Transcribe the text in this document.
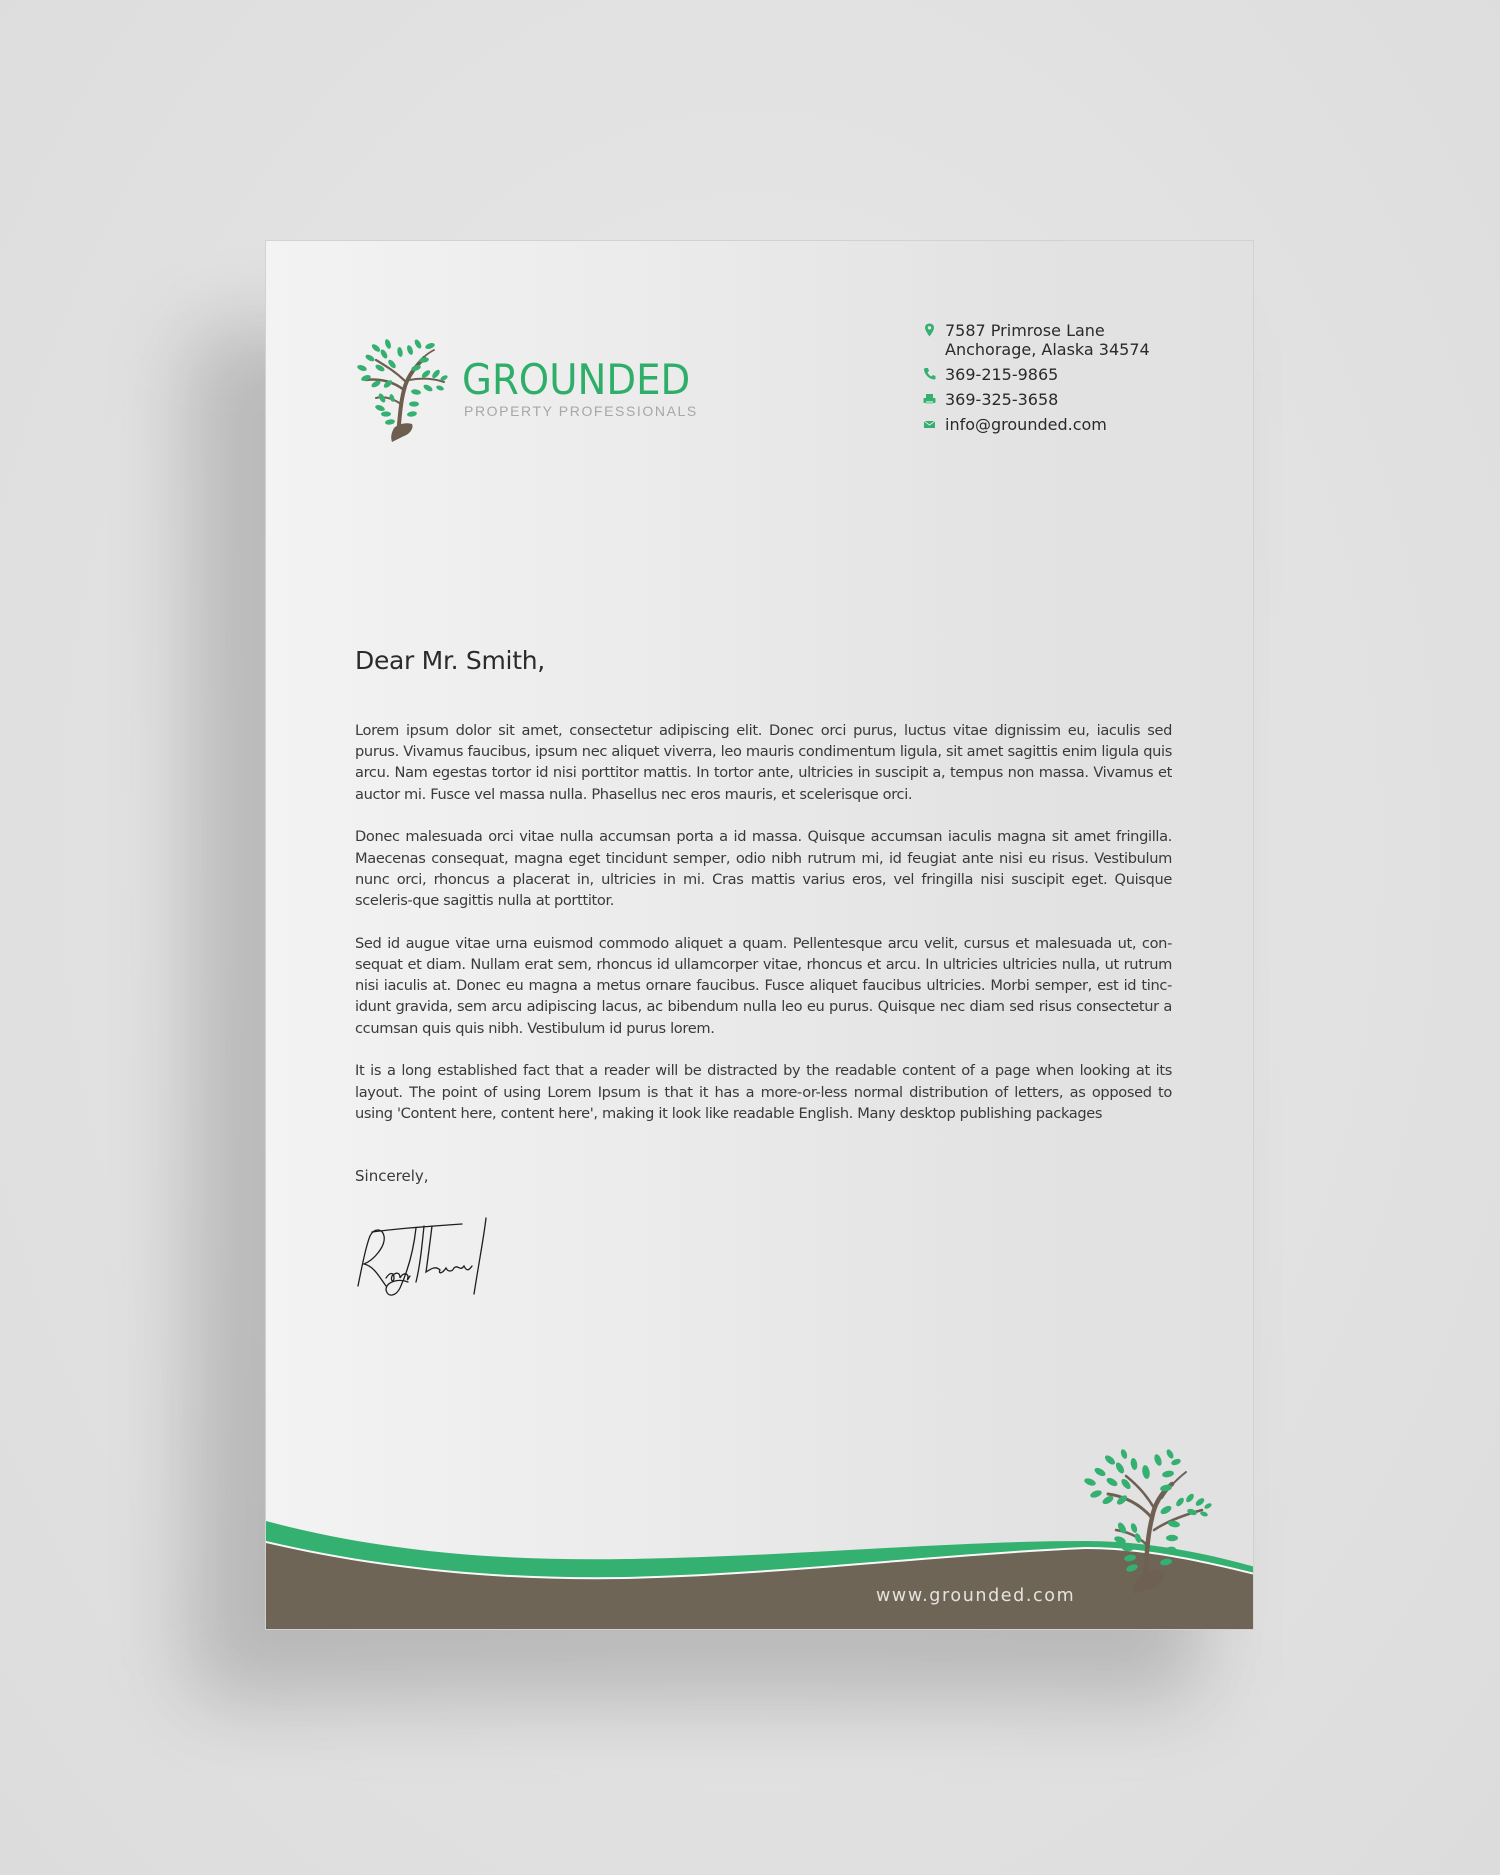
GROUNDED
PROPERTY PROFESSIONALS
7587 Primrose Lane
Anchorage, Alaska 34574
369-215-9865
369-325-3658
info@grounded.com
Dear Mr. Smith,

Lorem ipsum dolor sit amet, consectetur adipiscing elit. Donec orci purus, luctus vitae dignissim eu, iaculis sed purus. Vivamus faucibus, ipsum nec aliquet viverra, leo mauris condimentum ligula, sit amet sagittis enim ligula quis arcu. Nam egestas tortor id nisi porttitor mattis. In tortor ante, ultricies in suscipit a, tempus non massa. Vivamus et auctor mi. Fusce vel massa nulla. Phasellus nec eros mauris, et scelerisque orci.

Donec malesuada orci vitae nulla accumsan porta a id massa. Quisque accumsan iaculis magna sit amet fringilla. Maecenas consequat, magna eget tincidunt semper, odio nibh rutrum mi, id feugiat ante nisi eu risus. Vestibulum nunc orci, rhoncus a placerat in, ultricies in mi. Cras mattis varius eros, vel fringilla nisi suscipit eget. Quisque sceleris-que sagittis nulla at porttitor.

Sed id augue vitae urna euismod commodo aliquet a quam. Pellentesque arcu velit, cursus et malesuada ut, con-sequat et diam. Nullam erat sem, rhoncus id ullamcorper vitae, rhoncus et arcu. In ultricies ultricies nulla, ut rutrum nisi iaculis at. Donec eu magna a metus ornare faucibus. Fusce aliquet faucibus ultricies. Morbi semper, est id tinc-idunt gravida, sem arcu adipiscing lacus, ac bibendum nulla leo eu purus. Quisque nec diam sed risus consectetur a ccumsan quis quis nibh. Vestibulum id purus lorem.

It is a long established fact that a reader will be distracted by the readable content of a page when looking at its layout. The point of using Lorem Ipsum is that it has a more-or-less normal distribution of letters, as opposed to using 'Content here, content here', making it look like readable English. Many desktop publishing packages

Sincerely,
www.grounded.com
